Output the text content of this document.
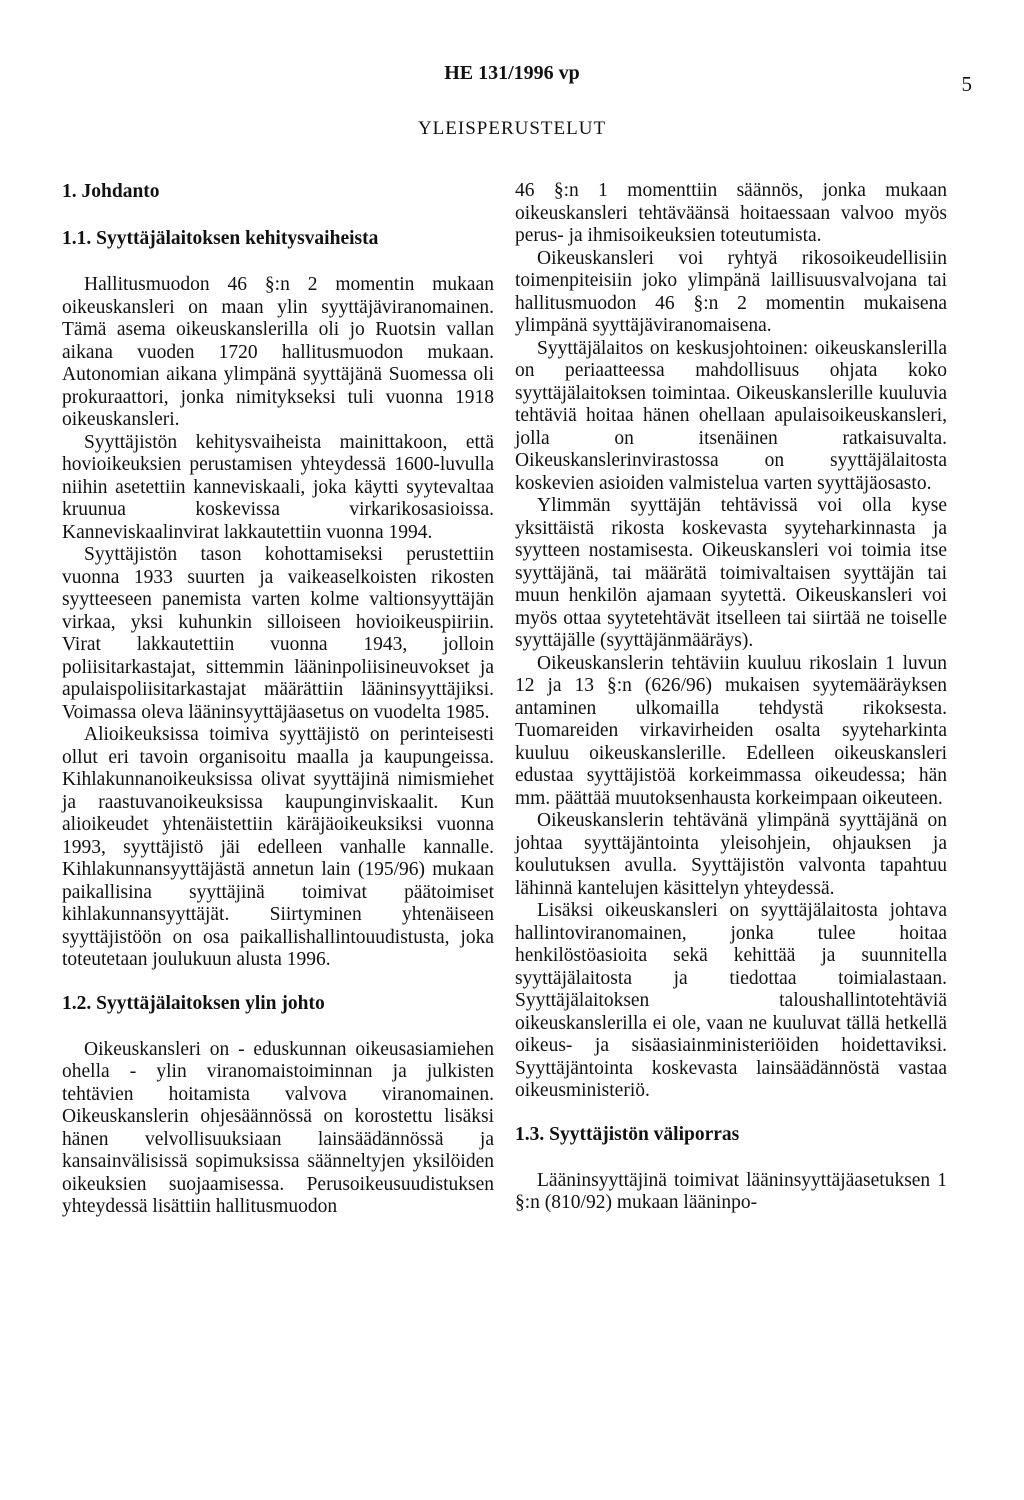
HE 131/1996 vp	5
YLEISPERUSTELUT
1. Johdanto
1.1. Syyttäjälaitoksen kehitysvaiheista

Hallitusmuodon 46 §:n 2 momentin mukaan oikeuskansleri on maan ylin syyttäjäviranomainen. Tämä asema oikeuskanslerilla oli jo Ruotsin vallan aikana vuoden 1720 hallitusmuodon mukaan. Autonomian aikana ylimpänä syyttäjänä Suomessa oli prokuraattori, jonka nimitykseksi tuli vuonna 1918 oikeuskansleri.

Syyttäjistön kehitysvaiheista mainittakoon, että hovioikeuksien perustamisen yhteydessä 1600-luvulla niihin asetettiin kanneviskaali, joka käytti syytevaltaa kruunua koskevissa virkarikosasioissa. Kanneviskaalinvirat lakkautettiin vuonna 1994.

Syyttäjistön tason kohottamiseksi perustettiin vuonna 1933 suurten ja vaikeaselkoisten rikosten syytteeseen panemista varten kolme valtionsyyttäjän virkaa, yksi kuhunkin silloiseen hovioikeuspiiriin. Virat lakkautettiin vuonna 1943, jolloin poliisitarkastajat, sittemmin lääninpoliisineuvokset ja apulaispoliisitarkastajat määrättiin lääninsyyttäjiksi. Voimassa oleva lääninsyyttäjäasetus on vuodelta 1985.

Alioikeuksissa toimiva syyttäjistö on perinteisesti ollut eri tavoin organisoitu maalla ja kaupungeissa. Kihlakunnanoikeuksissa olivat syyttäjinä nimismiehet ja raastuvanoikeuksissa kaupunginviskaalit. Kun alioikeudet yhtenäistettiin käräjäoikeuksiksi vuonna 1993, syyttäjistö jäi edelleen vanhalle kannalle. Kihlakunnansyyttäjästä annetun lain (195/96) mukaan paikallisina syyttäjinä toimivat päätoimiset kihlakunnansyyttäjät. Siirtyminen yhtenäiseen syyttäjistöön on osa paikallishallintouudistusta, joka toteutetaan joulukuun alusta 1996.

1.2. Syyttäjälaitoksen ylin johto

Oikeuskansleri on - eduskunnan oikeusasiamiehen ohella - ylin viranomaistoiminnan ja julkisten tehtävien hoitamista valvova viranomainen. Oikeuskanslerin ohjesäännössä on korostettu lisäksi hänen velvollisuuksiaan lainsäädännössä ja kansainvälisissä sopimuksissa säänneltyjen yksilöiden oikeuksien suojaamisessa. Perusoikeusuudistuksen yhteydessä lisättiin hallitusmuodon

46 §:n 1 momenttiin säännös, jonka mukaan oikeuskansleri tehtäväänsä hoitaessaan valvoo myös perus- ja ihmisoikeuksien toteutumista.

Oikeuskansleri voi ryhtyä rikosoikeudellisiin toimenpiteisiin joko ylimpänä laillisuusvalvojana tai hallitusmuodon 46 §:n 2 momentin mukaisena ylimpänä syyttäjäviranomaisena.

Syyttäjälaitos on keskusjohtoinen: oikeuskanslerilla on periaatteessa mahdollisuus ohjata koko syyttäjälaitoksen toimintaa. Oikeuskanslerille kuuluvia tehtäviä hoitaa hänen ohellaan apulaisoikeuskansleri, jolla on itsenäinen ratkaisuvalta. Oikeuskanslerinvirastossa on syyttäjälaitosta koskevien asioiden valmistelua varten syyttäjäosasto.

Ylimmän syyttäjän tehtävissä voi olla kyse yksittäistä rikosta koskevasta syyteharkinnasta ja syytteen nostamisesta. Oikeuskansleri voi toimia itse syyttäjänä, tai määrätä toimivaltaisen syyttäjän tai muun henkilön ajamaan syytettä. Oikeuskansleri voi myös ottaa syytetehtävät itselleen tai siirtää ne toiselle syyttäjälle (syyttäjänmääräys).

Oikeuskanslerin tehtäviin kuuluu rikoslain 1 luvun 12 ja 13 §:n (626/96) mukaisen syytemääräyksen antaminen ulkomailla tehdystä rikoksesta. Tuomareiden virkavirheiden osalta syyteharkinta kuuluu oikeuskanslerille. Edelleen oikeuskansleri edustaa syyttäjistöä korkeimmassa oikeudessa; hän mm. päättää muutoksenhausta korkeimpaan oikeuteen.

Oikeuskanslerin tehtävänä ylimpänä syyttäjänä on johtaa syyttäjäntointa yleisohjein, ohjauksen ja koulutuksen avulla. Syyttäjistön valvonta tapahtuu lähinnä kantelujen käsittelyn yhteydessä.

Lisäksi oikeuskansleri on syyttäjälaitosta johtava hallintoviranomainen, jonka tulee hoitaa henkilöstöasioita sekä kehittää ja suunnitella syyttäjälaitosta ja tiedottaa toimialastaan. Syyttäjälaitoksen taloushallintotehtäviä oikeuskanslerilla ei ole, vaan ne kuuluvat tällä hetkellä oikeus- ja sisäasiainministeriöiden hoidettaviksi. Syyttäjäntointa koskevasta lainsäädännöstä vastaa oikeusministeriö.

1.3. Syyttäjistön väliporras

Lääninsyyttäjinä toimivat lääninsyyttäjäasetuksen 1 §:n (810/92) mukaan lääninpo-
